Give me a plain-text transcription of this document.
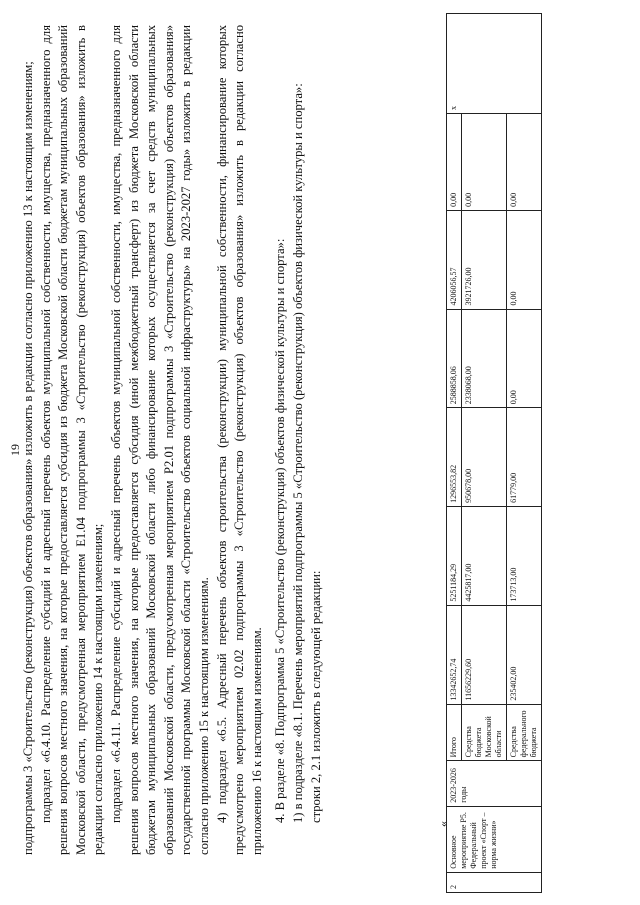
19 подпрограммы 3 «Строительство (реконструкция) объектов образования» изложить в редакции согласно приложению 13 к настоящим изменениям; подраздел «6.4.10. Распределение субсидий и адресный перечень объектов муниципальной собственности, имущества, предназначенного для решения вопросов местного значения, на которые предоставляется субсидия из бюджета Московской области бюджетам муниципальных образований Московской области, предусмотренная мероприятием Е1.04 подпрограммы 3 «Строительство (реконструкция) объектов образования» изложить в редакции согласно приложению 14 к настоящим изменениям; подраздел «6.4.11. Распределение субсидий и адресный перечень объектов муниципальной собственности, имущества, предназначенного для решения вопросов местного значения, на которые предоставляется субсидия (иной межбюджетный трансферт) из бюджета Московской области бюджетам муниципальных образований Московской области либо финансирование которых осуществляется за счет средств муниципальных образований Московской области, предусмотренная мероприятием Р2.01 подпрограммы 3 «Строительство (реконструкция) объектов образования» государственной программы Московской области «Строительство объектов социальной инфраструктуры» на 2023-2027 годы» изложить в редакции согласно приложению 15 к настоящим изменениям. 4) подраздел «6.5. Адресный перечень объектов строительства (реконструкции) муниципальной собственности, финансирование которых предусмотрено мероприятием 02.02 подпрограммы 3 «Строительство (реконструкция) объектов образования» изложить в редакции согласно приложению 16 к настоящим изменениям. 4. В разделе «8. Подпрограмма 5 «Строительство (реконструкция) объектов физической культуры и спорта»: 1) в подразделе «8.1. Перечень мероприятий подпрограммы 5 «Строительство (реконструкция) объектов физической культуры и спорта»: строки 2, 2.1 изложить в следующей редакции:

«
2	Основное мероприятие Р5. Федеральный проект «Спорт – норма жизни»	2023-2026 годы	Итого	13342652,74	5251184,29	1296553,82	2588858,06	4206056,57	0,00	x
			Средства бюджета Московской области	11656229,60	4425817,00	950678,00	2338068,00	3921726,00	0,00	
			Средства федерального бюджета	235402,00	173713,00	61779,00	0,00	0,00	0,00	
